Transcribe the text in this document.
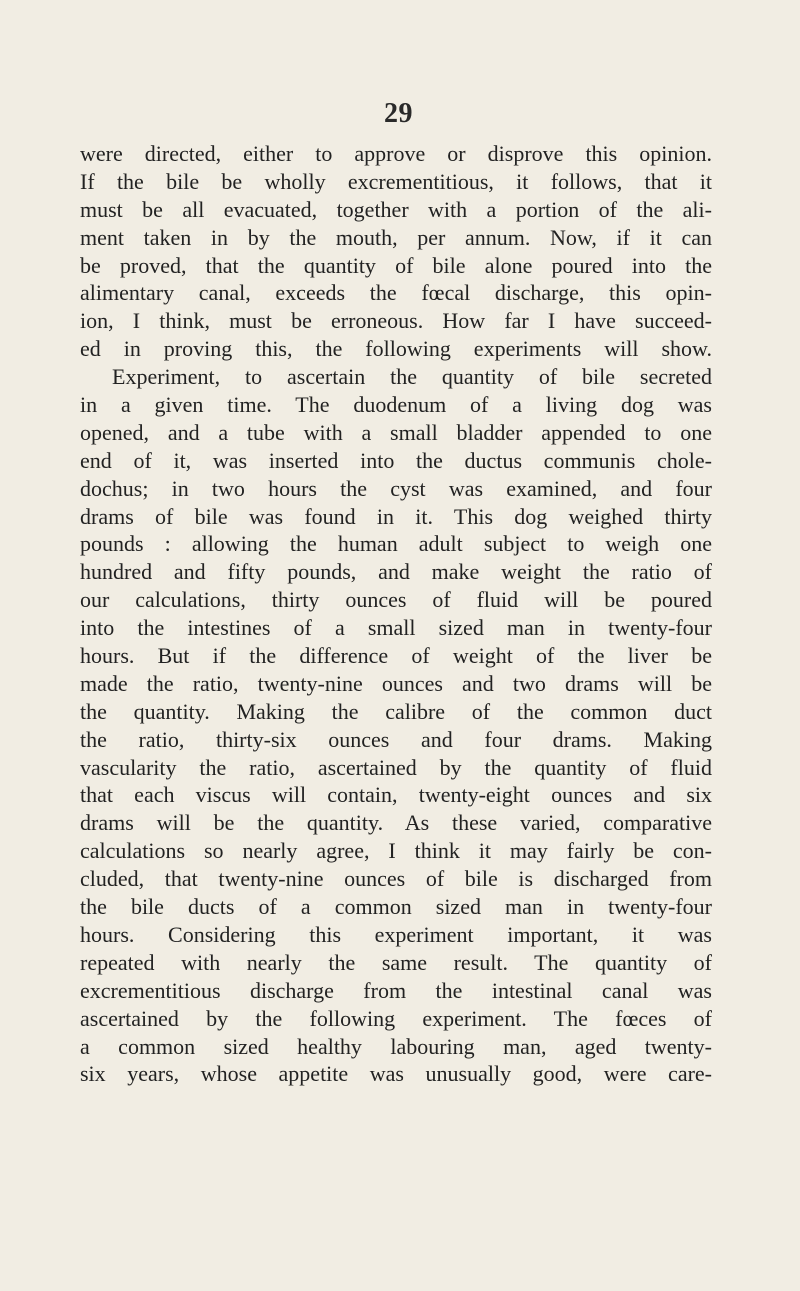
29
were directed, either to approve or disprove this opinion.
If the bile be wholly excrementitious, it follows, that it
must be all evacuated, together with a portion of the ali-
ment taken in by the mouth, per annum. Now, if it can
be proved, that the quantity of bile alone poured into the
alimentary canal, exceeds the fœcal discharge, this opin-
ion, I think, must be erroneous. How far I have succeed-
ed in proving this, the following experiments will show.
Experiment, to ascertain the quantity of bile secreted
in a given time. The duodenum of a living dog was
opened, and a tube with a small bladder appended to one
end of it, was inserted into the ductus communis chole-
dochus; in two hours the cyst was examined, and four
drams of bile was found in it. This dog weighed thirty
pounds : allowing the human adult subject to weigh one
hundred and fifty pounds, and make weight the ratio of
our calculations, thirty ounces of fluid will be poured
into the intestines of a small sized man in twenty-four
hours. But if the difference of weight of the liver be
made the ratio, twenty-nine ounces and two drams will be
the quantity. Making the calibre of the common duct
the ratio, thirty-six ounces and four drams. Making
vascularity the ratio, ascertained by the quantity of fluid
that each viscus will contain, twenty-eight ounces and six
drams will be the quantity. As these varied, comparative
calculations so nearly agree, I think it may fairly be con-
cluded, that twenty-nine ounces of bile is discharged from
the bile ducts of a common sized man in twenty-four
hours. Considering this experiment important, it was
repeated with nearly the same result. The quantity of
excrementitious discharge from the intestinal canal was
ascertained by the following experiment. The fœces of
a common sized healthy labouring man, aged twenty-
six years, whose appetite was unusually good, were care-
